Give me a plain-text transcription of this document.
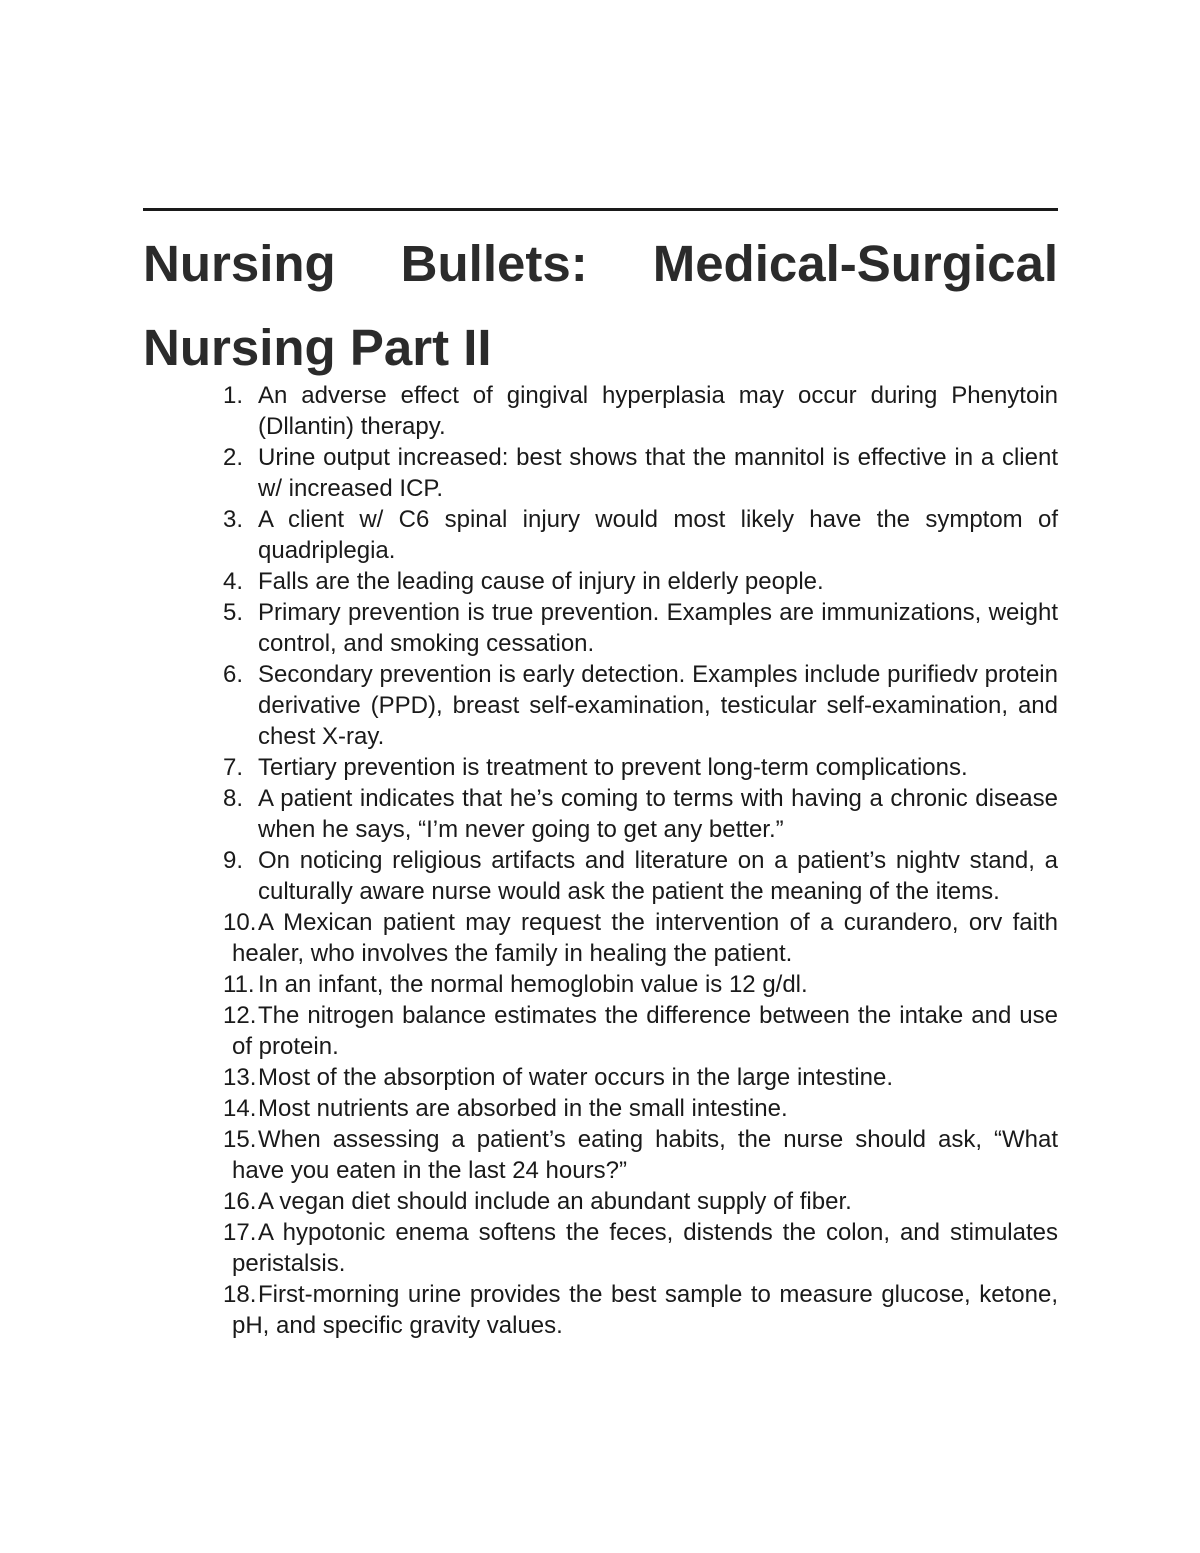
Nursing Bullets: Medical-Surgical Nursing Part II
1. An adverse effect of gingival hyperplasia may occur during Phenytoin (Dllantin) therapy.
2. Urine output increased: best shows that the mannitol is effective in a client w/ increased ICP.
3. A client w/ C6 spinal injury would most likely have the symptom of quadriplegia.
4. Falls are the leading cause of injury in elderly people.
5. Primary prevention is true prevention. Examples are immunizations, weight control, and smoking cessation.
6. Secondary prevention is early detection. Examples include purifiedv protein derivative (PPD), breast self-examination, testicular self-examination, and chest X-ray.
7. Tertiary prevention is treatment to prevent long-term complications.
8. A patient indicates that he’s coming to terms with having a chronic disease when he says, “I’m never going to get any better.”
9. On noticing religious artifacts and literature on a patient’s nightv stand, a culturally aware nurse would ask the patient the meaning of the items.
10. A Mexican patient may request the intervention of a curandero, orv faith healer, who involves the family in healing the patient.
11. In an infant, the normal hemoglobin value is 12 g/dl.
12. The nitrogen balance estimates the difference between the intake and use of protein.
13. Most of the absorption of water occurs in the large intestine.
14. Most nutrients are absorbed in the small intestine.
15. When assessing a patient’s eating habits, the nurse should ask, “What have you eaten in the last 24 hours?”
16. A vegan diet should include an abundant supply of fiber.
17. A hypotonic enema softens the feces, distends the colon, and stimulates peristalsis.
18. First-morning urine provides the best sample to measure glucose, ketone, pH, and specific gravity values.
